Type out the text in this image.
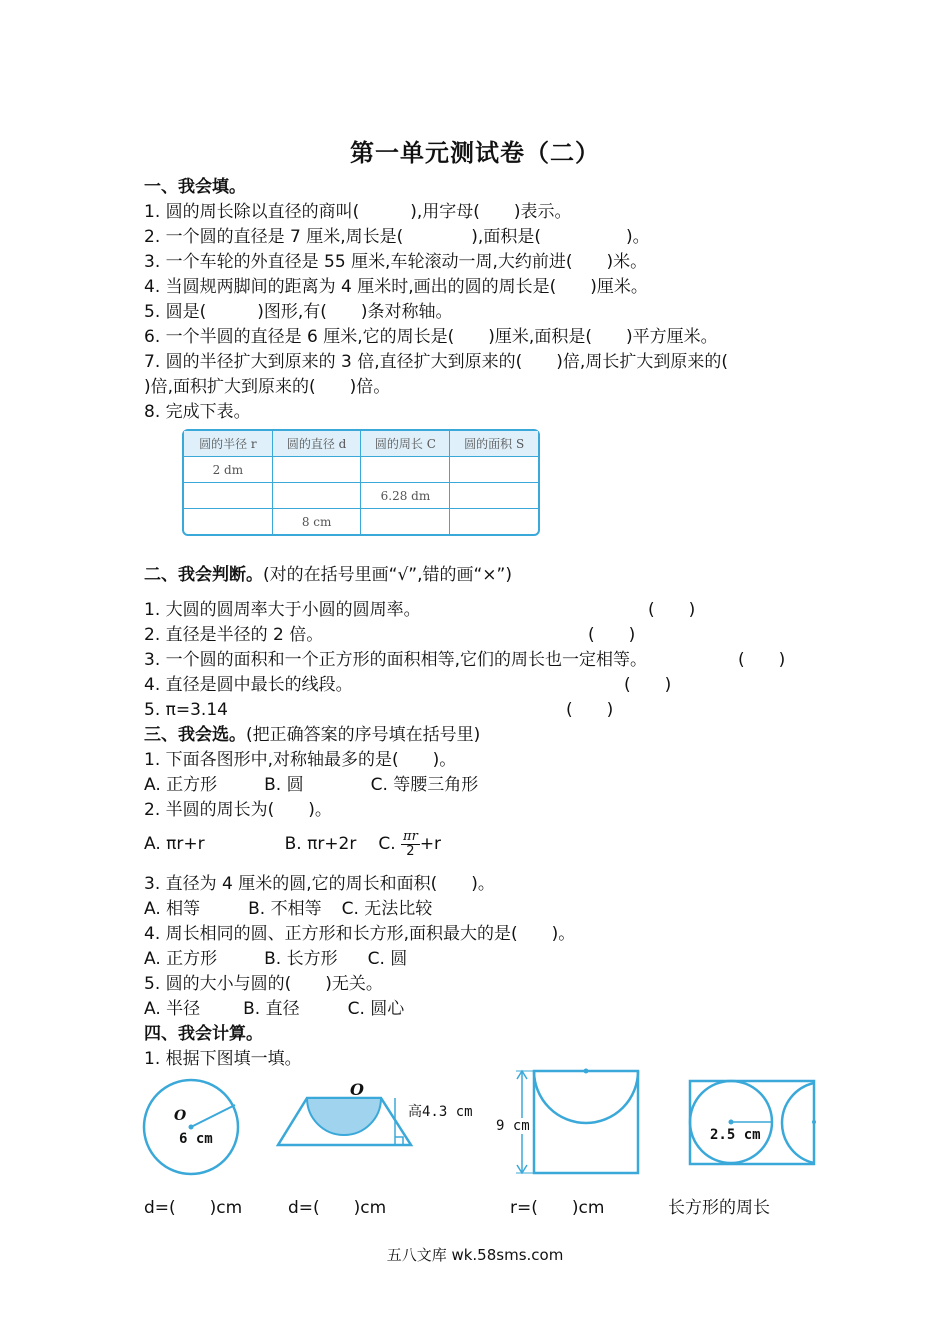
第一单元测试卷（二）
一、我会填。
1. 圆的周长除以直径的商叫(　　　),用字母(　　)表示。
2. 一个圆的直径是 7 厘米,周长是(　　　　),面积是(　　　　　)。
3. 一个车轮的外直径是 55 厘米,车轮滚动一周,大约前进(　　)米。
4. 当圆规两脚间的距离为 4 厘米时,画出的圆的周长是(　　)厘米。
5. 圆是(　　　)图形,有(　　)条对称轴。
6. 一个半圆的直径是 6 厘米,它的周长是(　　)厘米,面积是(　　)平方厘米。
7. 圆的半径扩大到原来的 3 倍,直径扩大到原来的(　　)倍,周长扩大到原来的(
)倍,面积扩大到原来的(　　)倍。
8. 完成下表。
圆的半径 r	圆的直径 d	圆的周长 C	圆的面积 S
2 dm			
		6.28 dm	
	8 cm		
二、我会判断。(对的在括号里画“√”,错的画“×”)
1. 大圆的圆周率大于小圆的圆周率。	(　　)
2. 直径是半径的 2 倍。	(　　)
3. 一个圆的面积和一个正方形的面积相等,它们的周长也一定相等。	(　　)
4. 直径是圆中最长的线段。	(　　)
5. π=3.14	(　　)
三、我会选。(把正确答案的序号填在括号里)
1. 下面各图形中,对称轴最多的是(　　)。
A. 正方形	B. 圆	C. 等腰三角形
2. 半圆的周长为(　　)。
A. πr+r	B. πr+2r C. $\frac{\pi r}{2} +r$
3. 直径为 4 厘米的圆,它的周长和面积(　　)。
A. 相等	B. 不相等 C. 无法比较
4. 周长相同的圆、正方形和长方形,面积最大的是(　　)。
A. 正方形	B. 长方形 C. 圆
5. 圆的大小与圆的(　　)无关。
A. 半径	B. 直径	C. 圆心
四、我会计算。
1. 根据下图填一填。
O
6 cm
O
高4.3 cm
9 cm
2.5 cm
d=(　　)cm	d=(　　)cm	r=(　　)cm	长方形的周长
五八文库 wk.58sms.com
